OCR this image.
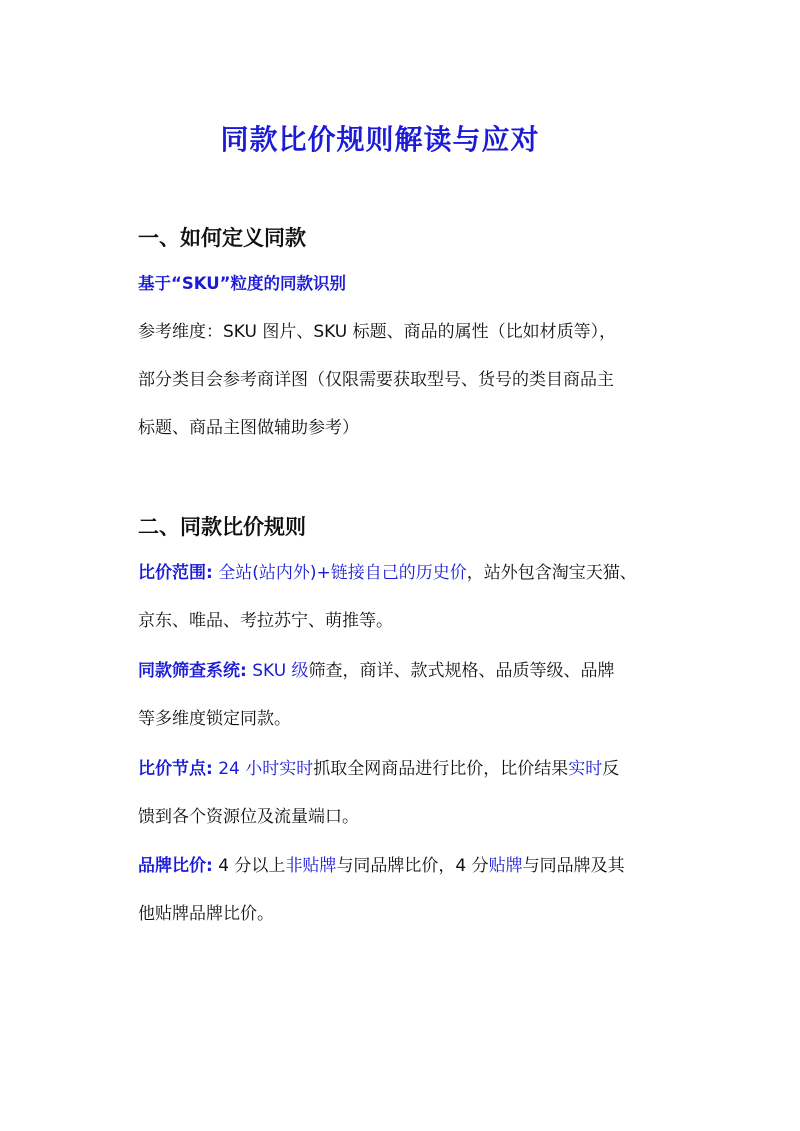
同款比价规则解读与应对
一、如何定义同款
基于“SKU”粒度的同款识别
参考维度：SKU 图片、SKU 标题、商品的属性（比如材质等），
部分类目会参考商详图（仅限需要获取型号、货号的类目商品主
标题、商品主图做辅助参考）
二、同款比价规则
比价范围: 全站(站内外)+链接自己的历史价，站外包含淘宝天猫、
京东、唯品、考拉苏宁、萌推等。
同款筛查系统: SKU 级筛查，商详、款式规格、品质等级、品牌
等多维度锁定同款。
比价节点: 24 小时实时抓取全网商品进行比价，比价结果实时反
馈到各个资源位及流量端口。
品牌比价: 4 分以上非贴牌与同品牌比价，4 分贴牌与同品牌及其
他贴牌品牌比价。
